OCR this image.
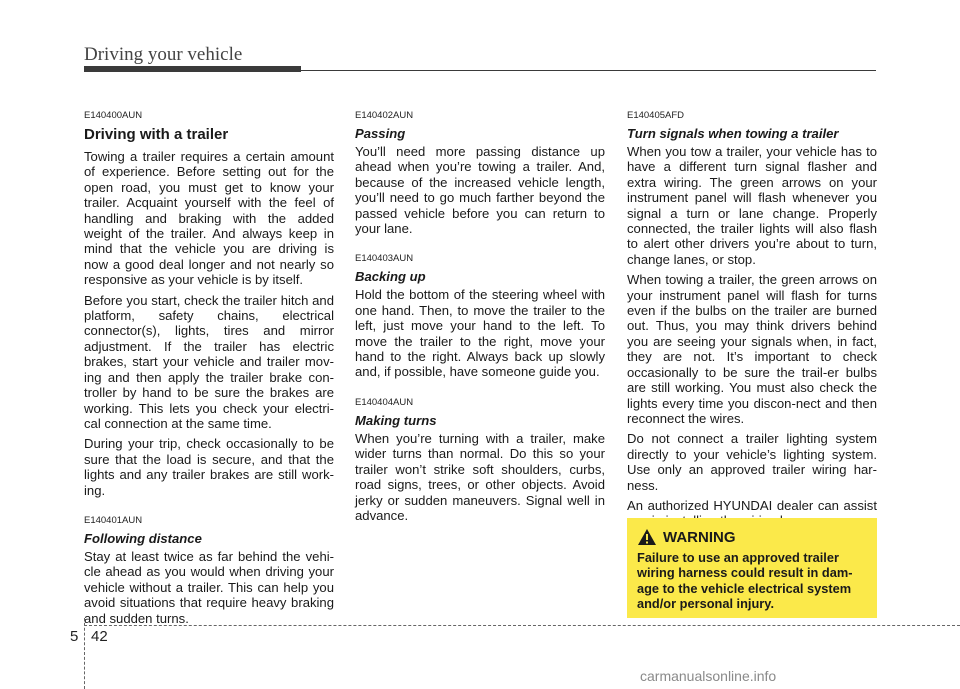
Driving your vehicle
E140400AUN
Driving with a trailer

Towing a trailer requires a certain amount of experience. Before setting out for the open road, you must get to know your trailer. Acquaint yourself with the feel of handling and braking with the added weight of the trailer. And always keep in mind that the vehicle you are driving is now a good deal longer and not nearly so responsive as your vehicle is by itself.

Before you start, check the trailer hitch and platform, safety chains, electrical connector(s), lights, tires and mirror adjustment. If the trailer has electric brakes, start your vehicle and trailer mov-ing and then apply the trailer brake con-troller by hand to be sure the brakes are working. This lets you check your electri-cal connection at the same time.

During your trip, check occasionally to be sure that the load is secure, and that the lights and any trailer brakes are still work-ing.

E140401AUN
Following distance

Stay at least twice as far behind the vehi-cle ahead as you would when driving your vehicle without a trailer. This can help you avoid situations that require heavy braking and sudden turns.

E140402AUN
Passing

You’ll need more passing distance up ahead when you’re towing a trailer. And, because of the increased vehicle length, you’ll need to go much farther beyond the passed vehicle before you can return to your lane.

E140403AUN
Backing up

Hold the bottom of the steering wheel with one hand. Then, to move the trailer to the left, just move your hand to the left. To move the trailer to the right, move your hand to the right. Always back up slowly and, if possible, have someone guide you.

E140404AUN
Making turns

When you’re turning with a trailer, make wider turns than normal. Do this so your trailer won’t strike soft shoulders, curbs, road signs, trees, or other objects. Avoid jerky or sudden maneuvers. Signal well in advance.

E140405AFD
Turn signals when towing a trailer

When you tow a trailer, your vehicle has to have a different turn signal flasher and extra wiring. The green arrows on your instrument panel will flash whenever you signal a turn or lane change. Properly connected, the trailer lights will also flash to alert other drivers you’re about to turn, change lanes, or stop.

When towing a trailer, the green arrows on your instrument panel will flash for turns even if the bulbs on the trailer are burned out. Thus, you may think drivers behind you are seeing your signals when, in fact, they are not. It’s important to check occasionally to be sure the trail-er bulbs are still working. You must also check the lights every time you discon-nect and then reconnect the wires.

Do not connect a trailer lighting system directly to your vehicle’s lighting system. Use only an approved trailer wiring har-ness.

An authorized HYUNDAI dealer can assist

WARNING
Failure to use an approved trailer wiring harness could result in dam-age to the vehicle electrical system and/or personal injury.
5 42
carmanualsonline.info
